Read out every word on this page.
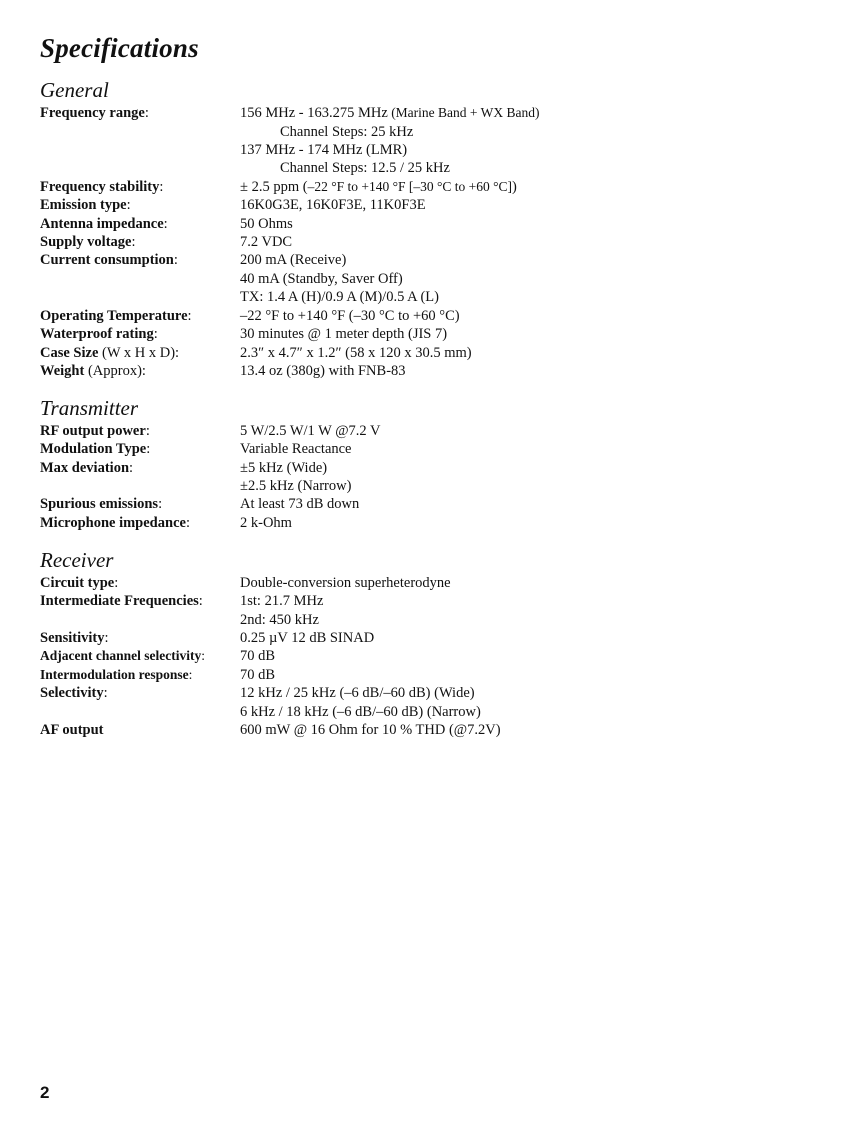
Specifications
General
Frequency range:	156 MHz - 163.275 MHz (Marine Band + WX Band)
Channel Steps: 25 kHz
137 MHz - 174 MHz (LMR)
Channel Steps: 12.5 / 25 kHz
Frequency stability:	± 2.5 ppm (–22 °F to +140 °F [–30 °C to +60 °C])
Emission type:	16K0G3E, 16K0F3E, 11K0F3E
Antenna impedance:	50 Ohms
Supply voltage:	7.2 VDC
Current consumption:	200 mA (Receive)
40 mA (Standby, Saver Off)
TX: 1.4 A (H)/0.9 A (M)/0.5 A (L)
Operating Temperature:	–22 °F to +140 °F (–30 °C to +60 °C)
Waterproof rating:	30 minutes @ 1 meter depth (JIS 7)
Case Size (W x H x D):	2.3″ x 4.7″ x 1.2″ (58 x 120 x 30.5 mm)
Weight (Approx):	13.4 oz (380g) with FNB-83
Transmitter
RF output power:	5 W/2.5 W/1 W @7.2 V
Modulation Type:	Variable Reactance
Max deviation:	±5 kHz (Wide)
±2.5 kHz (Narrow)
Spurious emissions:	At least 73 dB down
Microphone impedance:	2 k-Ohm
Receiver
Circuit type:	Double-conversion superheterodyne
Intermediate Frequencies:	1st: 21.7 MHz
2nd: 450 kHz
Sensitivity:	0.25 µV 12 dB SINAD
Adjacent channel selectivity: 70 dB
Intermodulation response:	70 dB
Selectivity:	12 kHz / 25 kHz (–6 dB/–60 dB) (Wide)
6 kHz / 18 kHz (–6 dB/–60 dB) (Narrow)
AF output	600 mW @ 16 Ohm for 10 % THD (@7.2V)

2
